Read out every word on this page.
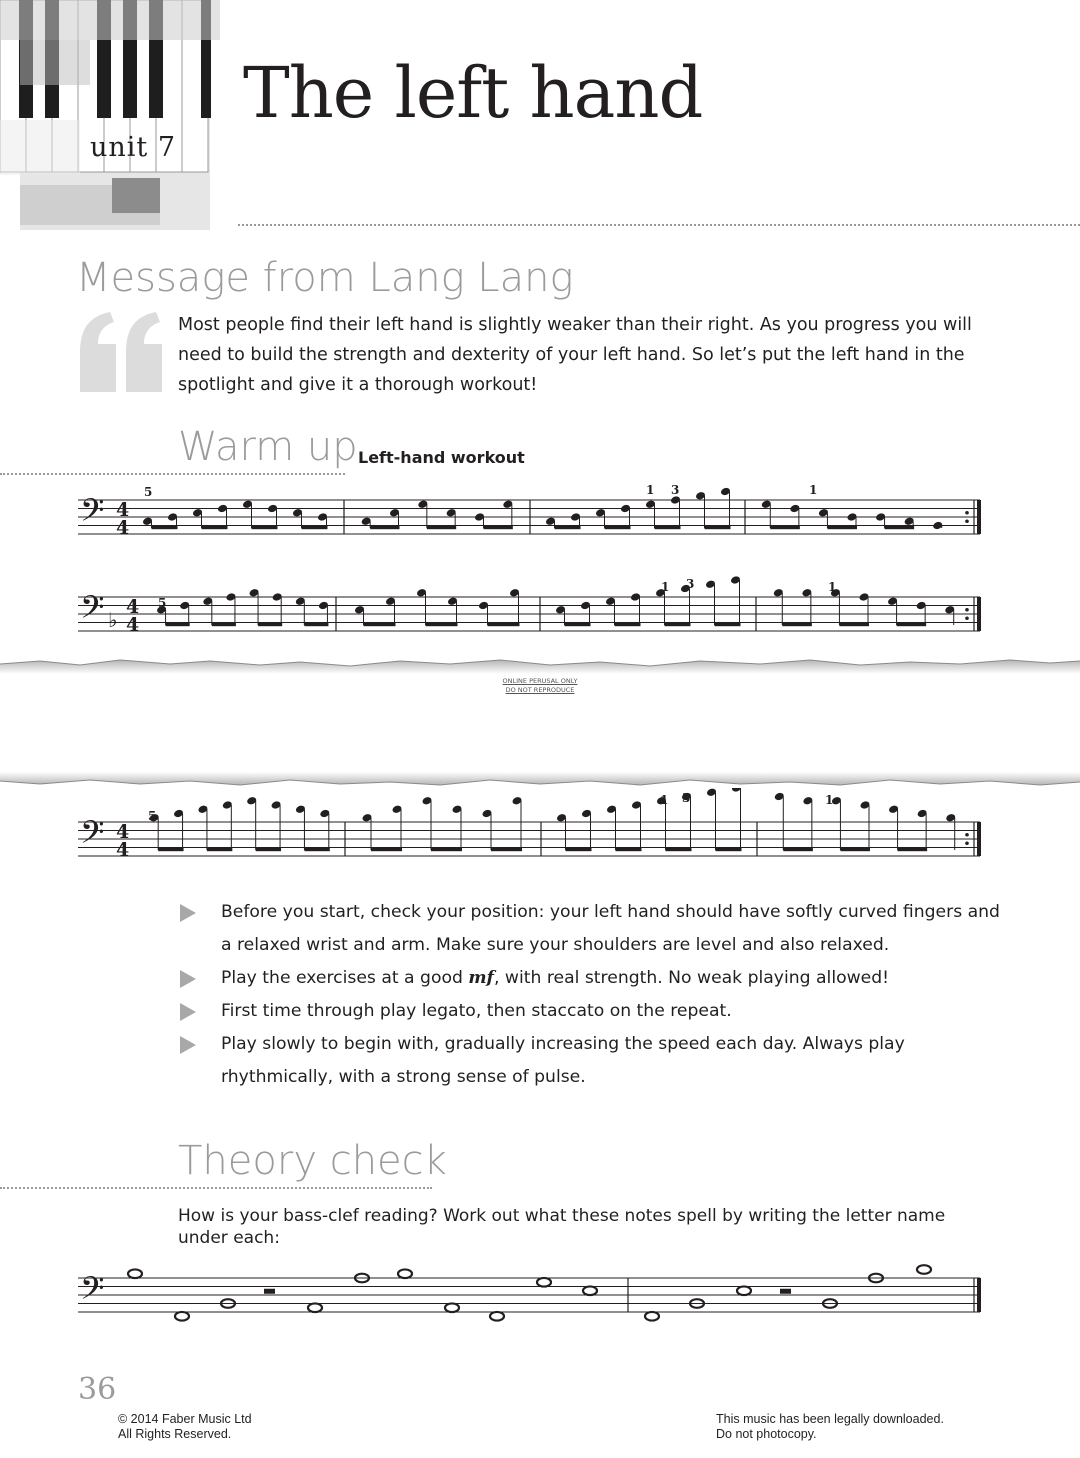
unit 7
The left hand
Message from Lang Lang

Most people find their left hand is slightly weaker than their right. As you progress you will need to build the strength and dexterity of your left hand. So let’s put the left hand in the spotlight and give it a thorough workout!

Warm up Left-hand workout
𝄢 4
4
5	1 3	1
𝄢 ♭
4
4
5
1 3	1
ONLINE PERUSAL ONLY
DO NOT REPRODUCE
𝄢 4
4
5
1 3	1
Before you start, check your position: your left hand should have softly curved fingers and a relaxed wrist and arm. Make sure your shoulders are level and also relaxed.
Play the exercises at a good mf, with real strength. No weak playing allowed!
First time through play legato, then staccato on the repeat.
Play slowly to begin with, gradually increasing the speed each day. Always play rhythmically, with a strong sense of pulse.
Theory check

How is your bass-clef reading? Work out what these notes spell by writing the letter name under each:

𝄢
36
© 2014 Faber Music Ltd
All Rights Reserved.
This music has been legally downloaded.
Do not photocopy.
